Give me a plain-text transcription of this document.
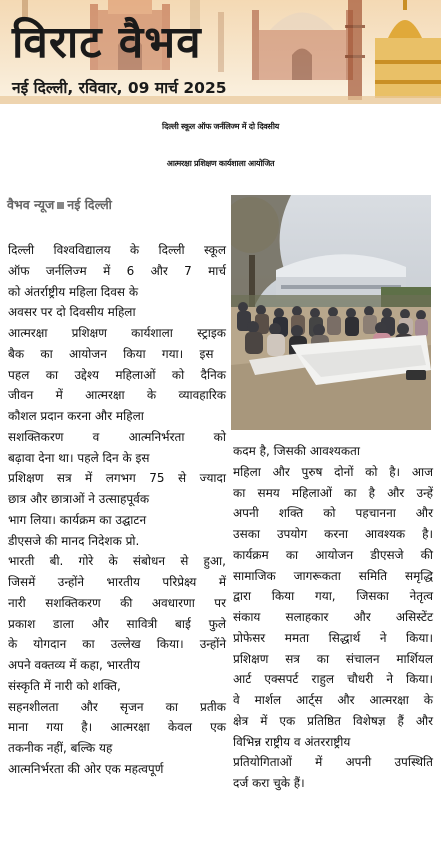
विराट वैभव
नई दिल्ली, रविवार, 09 मार्च 2025
दिल्ली स्कूल ऑफ जर्नलिज्म में दो दिवसीय
आत्मरक्षा प्रशिक्षण कार्यशाला आयोजित
वैभव न्यूज नई दिल्ली
दिल्ली विश्वविद्यालय के दिल्ली स्कूल
ऑफ जर्नलिज्म में 6 और 7 मार्च
को अंतर्राष्ट्रीय महिला दिवस के
अवसर पर दो दिवसीय महिला
आत्मरक्षा प्रशिक्षण कार्यशाला स्ट्राइक
बैक का आयोजन किया गया। इस
पहल का उद्देश्य महिलाओं को दैनिक
जीवन में आत्मरक्षा के व्यावहारिक
कौशल प्रदान करना और महिला
सशक्तिकरण व आत्मनिर्भरता को
बढ़ावा देना था। पहले दिन के इस
प्रशिक्षण सत्र में लगभग 75 से ज्यादा
छात्र और छात्राओं ने उत्साहपूर्वक
भाग लिया। कार्यक्रम का उद्घाटन
डीएसजे की मानद निदेशक प्रो.
भारती बी. गोरे के संबोधन से हुआ,
जिसमें उन्होंने भारतीय परिप्रेक्ष्य में
नारी सशक्तिकरण की अवधारणा पर
प्रकाश डाला और सावित्री बाई फुले
के योगदान का उल्लेख किया। उन्होंने
अपने वक्तव्य में कहा, भारतीय
संस्कृति में नारी को शक्ति,
सहनशीलता और सृजन का प्रतीक
माना गया है। आत्मरक्षा केवल एक
तकनीक नहीं, बल्कि यह
आत्मनिर्भरता की ओर एक महत्वपूर्ण
कदम है, जिसकी आवश्यकता
महिला और पुरुष दोनों को है। आज
का समय महिलाओं का है और उन्हें
अपनी शक्ति को पहचानना और
उसका उपयोग करना आवश्यक है।
कार्यक्रम का आयोजन डीएसजे की
सामाजिक जागरूकता समिति समृद्धि
द्वारा किया गया, जिसका नेतृत्व
संकाय सलाहकार और असिस्टेंट
प्रोफेसर ममता सिद्धार्थ ने किया।
प्रशिक्षण सत्र का संचालन मार्शियल
आर्ट एक्सपर्ट राहुल चौधरी ने किया।
वे मार्शल आर्ट्स और आत्मरक्षा के
क्षेत्र में एक प्रतिष्ठित विशेषज्ञ हैं और
विभिन्न राष्ट्रीय व अंतरराष्ट्रीय
प्रतियोगिताओं में अपनी उपस्थिति
दर्ज करा चुके हैं।
